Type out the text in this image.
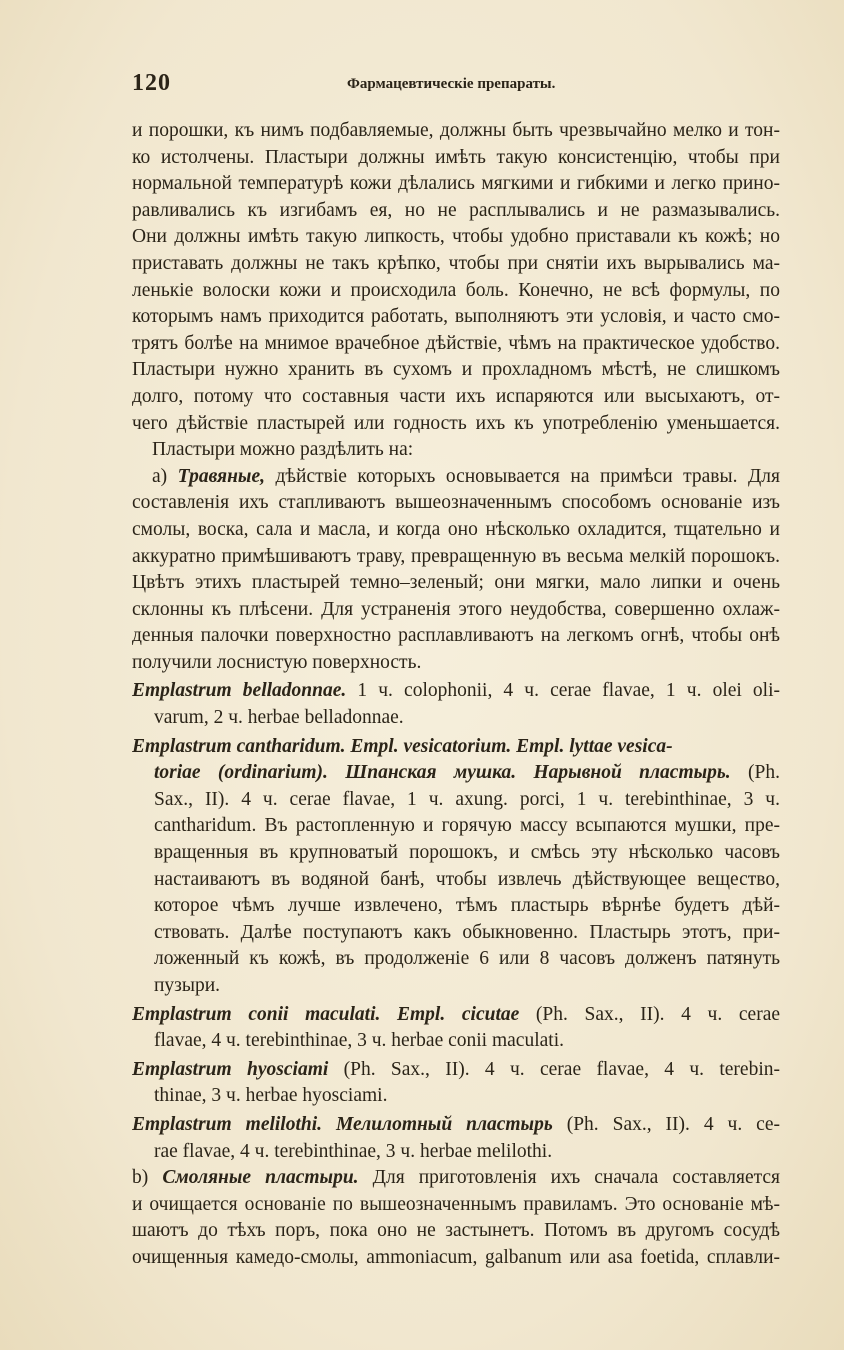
120	Фармацевтическiе препараты.
и порошки, къ нимъ подбавляемые, должны быть чрезвычайно мелко и тон-
ко истолчены. Пластыри должны имѣть такую консистенцiю, чтобы при
нормальной температурѣ кожи дѣлались мягкими и гибкими и легко прино-
равливались къ изгибамъ ея, но не расплывались и не размазывались.
Они должны имѣть такую липкость, чтобы удобно приставали къ кожѣ; но
приставать должны не такъ крѣпко, чтобы при снятiи ихъ вырывались ма-
ленькiе волоски кожи и происходила боль. Конечно, не всѣ формулы, по
которымъ намъ приходится работать, выполняютъ эти условiя, и часто смо-
трятъ болѣе на мнимое врачебное дѣйствiе, чѣмъ на практическое удобство.
Пластыри нужно хранить въ сухомъ и прохладномъ мѣстѣ, не слишкомъ
долго, потому что составныя части ихъ испаряются или высыхаютъ, от-
чего дѣйствiе пластырей или годность ихъ къ употребленiю уменьшается.
Пластыри можно раздѣлить на:
a) Травяные, дѣйствiе которыхъ основывается на примѣси травы. Для
составленiя ихъ стапливаютъ вышеозначеннымъ способомъ основанiе изъ
смолы, воска, сала и масла, и когда оно нѣсколько охладится, тщательно и
аккуратно примѣшиваютъ траву, превращенную въ весьма мелкiй порошокъ.
Цвѣтъ этихъ пластырей темно–зеленый; они мягки, мало липки и очень
склонны къ плѣсени. Для устраненiя этого неудобства, совершенно охлаж-
денныя палочки поверхностно расплавливаютъ на легкомъ огнѣ, чтобы онѣ
получили лоснистую поверхность.
Emplastrum belladonnae. 1 ч. colophonii, 4 ч. cerae flavae, 1 ч. olei oli-
varum, 2 ч. herbae belladonnae.
Emplastrum cantharidum. Empl. vesicatorium. Empl. lyttae vesica-
toriae (ordinarium). Шпанская мушка. Нарывной пластырь. (Ph.
Sax., II). 4 ч. cerae flavae, 1 ч. axung. porci, 1 ч. terebinthinae, 3 ч.
cantharidum. Въ растопленную и горячую массу всыпаются мушки, пре-
вращенныя въ крупноватый порошокъ, и смѣсь эту нѣсколько часовъ
настаиваютъ въ водяной банѣ, чтобы извлечь дѣйствующее вещество,
которое чѣмъ лучше извлечено, тѣмъ пластырь вѣрнѣе будетъ дѣй-
ствовать. Далѣе поступаютъ какъ обыкновенно. Пластырь этотъ, при-
ложенный къ кожѣ, въ продолженiе 6 или 8 часовъ долженъ патянуть
пузыри.
Emplastrum conii maculati. Empl. cicutae (Ph. Sax., II). 4 ч. cerae
flavae, 4 ч. terebinthinae, 3 ч. herbae conii maculati.
Emplastrum hyosciami (Ph. Sax., II). 4 ч. cerae flavae, 4 ч. terebin-
thinae, 3 ч. herbae hyosciami.
Emplastrum melilothi. Мелилотный пластырь (Ph. Sax., II). 4 ч. ce-
rae flavae, 4 ч. terebinthinae, 3 ч. herbae melilothi.
b) Смоляные пластыри. Для приготовленiя ихъ сначала составляется
и очищается основанiе по вышеозначеннымъ правиламъ. Это основанiе мѣ-
шаютъ до тѣхъ поръ, пока оно не застынетъ. Потомъ въ другомъ сосудѣ
очищенныя камедо-смолы, ammoniacum, galbanum или asa foetida, сплавли-
